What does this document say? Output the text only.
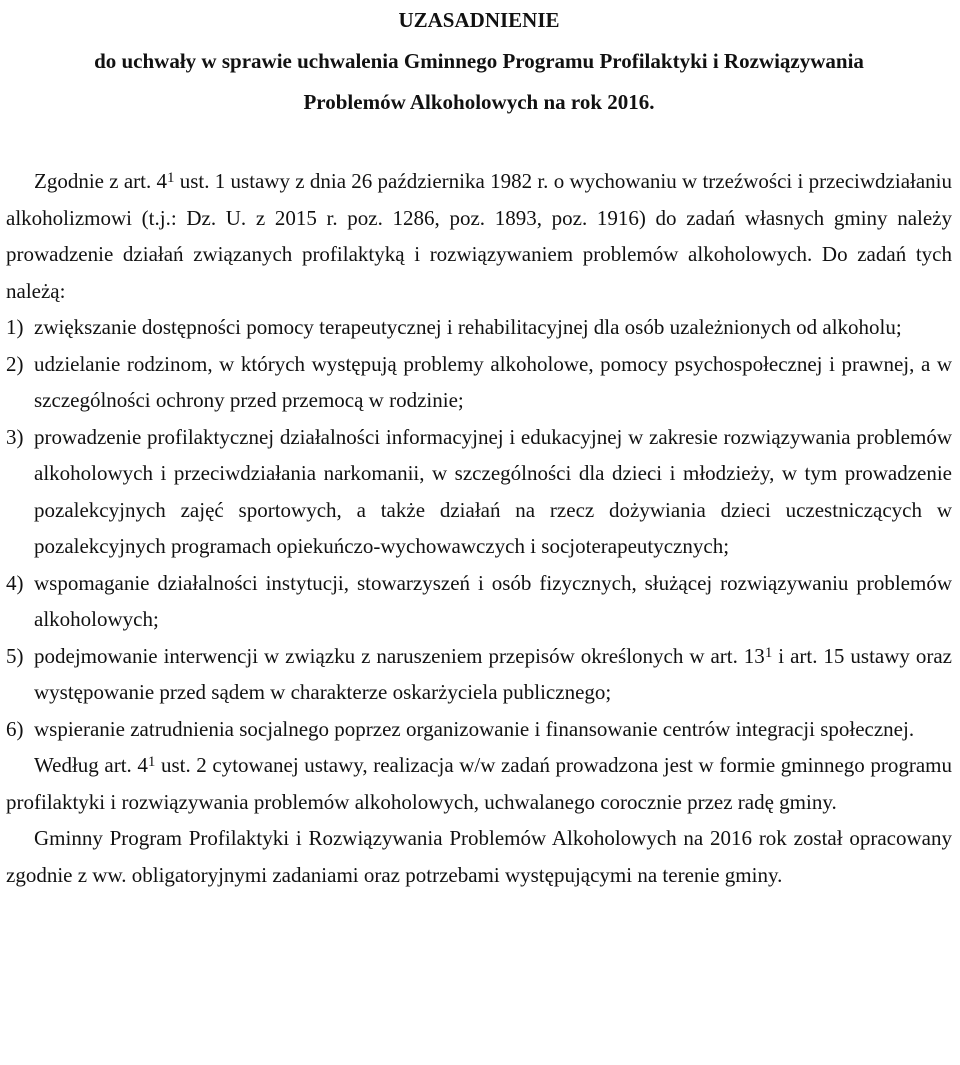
UZASADNIENIE
do uchwały w sprawie uchwalenia Gminnego Programu Profilaktyki i Rozwiązywania
Problemów Alkoholowych na rok 2016.

Zgodnie z art. $4^1$ ust. 1 ustawy z dnia 26 października 1982 r. o wychowaniu w trzeźwości i przeciwdziałaniu alkoholizmowi (t.j.: Dz. U. z 2015 r. poz. 1286, poz. 1893, poz. 1916) do zadań własnych gminy należy prowadzenie działań związanych profilaktyką i rozwiązywaniem problemów alkoholowych. Do zadań tych należą:

1) zwiększanie dostępności pomocy terapeutycznej i rehabilitacyjnej dla osób uzależnionych od alkoholu;
2) udzielanie rodzinom, w których występują problemy alkoholowe, pomocy psychospołecznej i prawnej, a w szczególności ochrony przed przemocą w rodzinie;
3) prowadzenie profilaktycznej działalności informacyjnej i edukacyjnej w zakresie rozwiązywania problemów alkoholowych i przeciwdziałania narkomanii, w szczególności dla dzieci i młodzieży, w tym prowadzenie pozalekcyjnych zajęć sportowych, a także działań na rzecz dożywiania dzieci uczestniczących w pozalekcyjnych programach opiekuńczo-wychowawczych i socjoterapeutycznych;
4) wspomaganie działalności instytucji, stowarzyszeń i osób fizycznych, służącej rozwiązywaniu problemów alkoholowych;
5) podejmowanie interwencji w związku z naruszeniem przepisów określonych w art. $13^1$ i art. 15 ustawy oraz występowanie przed sądem w charakterze oskarżyciela publicznego;
6) wspieranie zatrudnienia socjalnego poprzez organizowanie i finansowanie centrów integracji społecznej.

Według art. $4^1$ ust. 2 cytowanej ustawy, realizacja w/w zadań prowadzona jest w formie gminnego programu profilaktyki i rozwiązywania problemów alkoholowych, uchwalanego corocznie przez radę gminy.

Gminny Program Profilaktyki i Rozwiązywania Problemów Alkoholowych na 2016 rok został opracowany zgodnie z ww. obligatoryjnymi zadaniami oraz potrzebami występującymi na terenie gminy.
